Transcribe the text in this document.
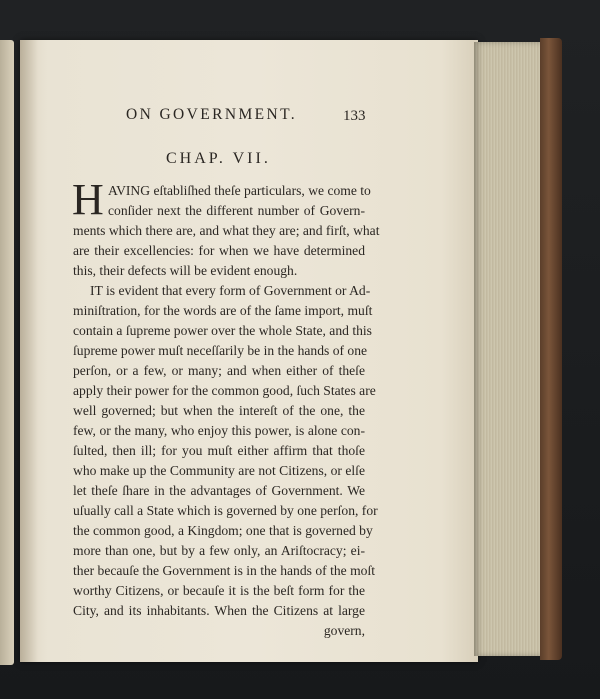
ON GOVERNMENT.	133
CHAP. VII.
H AVING eſtabliſhed theſe particulars, we come to
conſider next the different number of Govern-
ments which there are, and what they are; and firſt, what
are their excellencies: for when we have determined
this, their defects will be evident enough.
IT is evident that every form of Government or Ad-
miniſtration, for the words are of the ſame import, muſt
contain a ſupreme power over the whole State, and this
ſupreme power muſt neceſſarily be in the hands of one
perſon, or a few, or many; and when either of theſe
apply their power for the common good, ſuch States are
well governed; but when the intereſt of the one, the
few, or the many, who enjoy this power, is alone con-
ſulted, then ill; for you muſt either affirm that thoſe
who make up the Community are not Citizens, or elſe
let theſe ſhare in the advantages of Government. We
uſually call a State which is governed by one perſon, for
the common good, a Kingdom; one that is governed by
more than one, but by a few only, an Ariſtocracy; ei-
ther becauſe the Government is in the hands of the moſt
worthy Citizens, or becauſe it is the beſt form for the
City, and its inhabitants. When the Citizens at large
govern,
